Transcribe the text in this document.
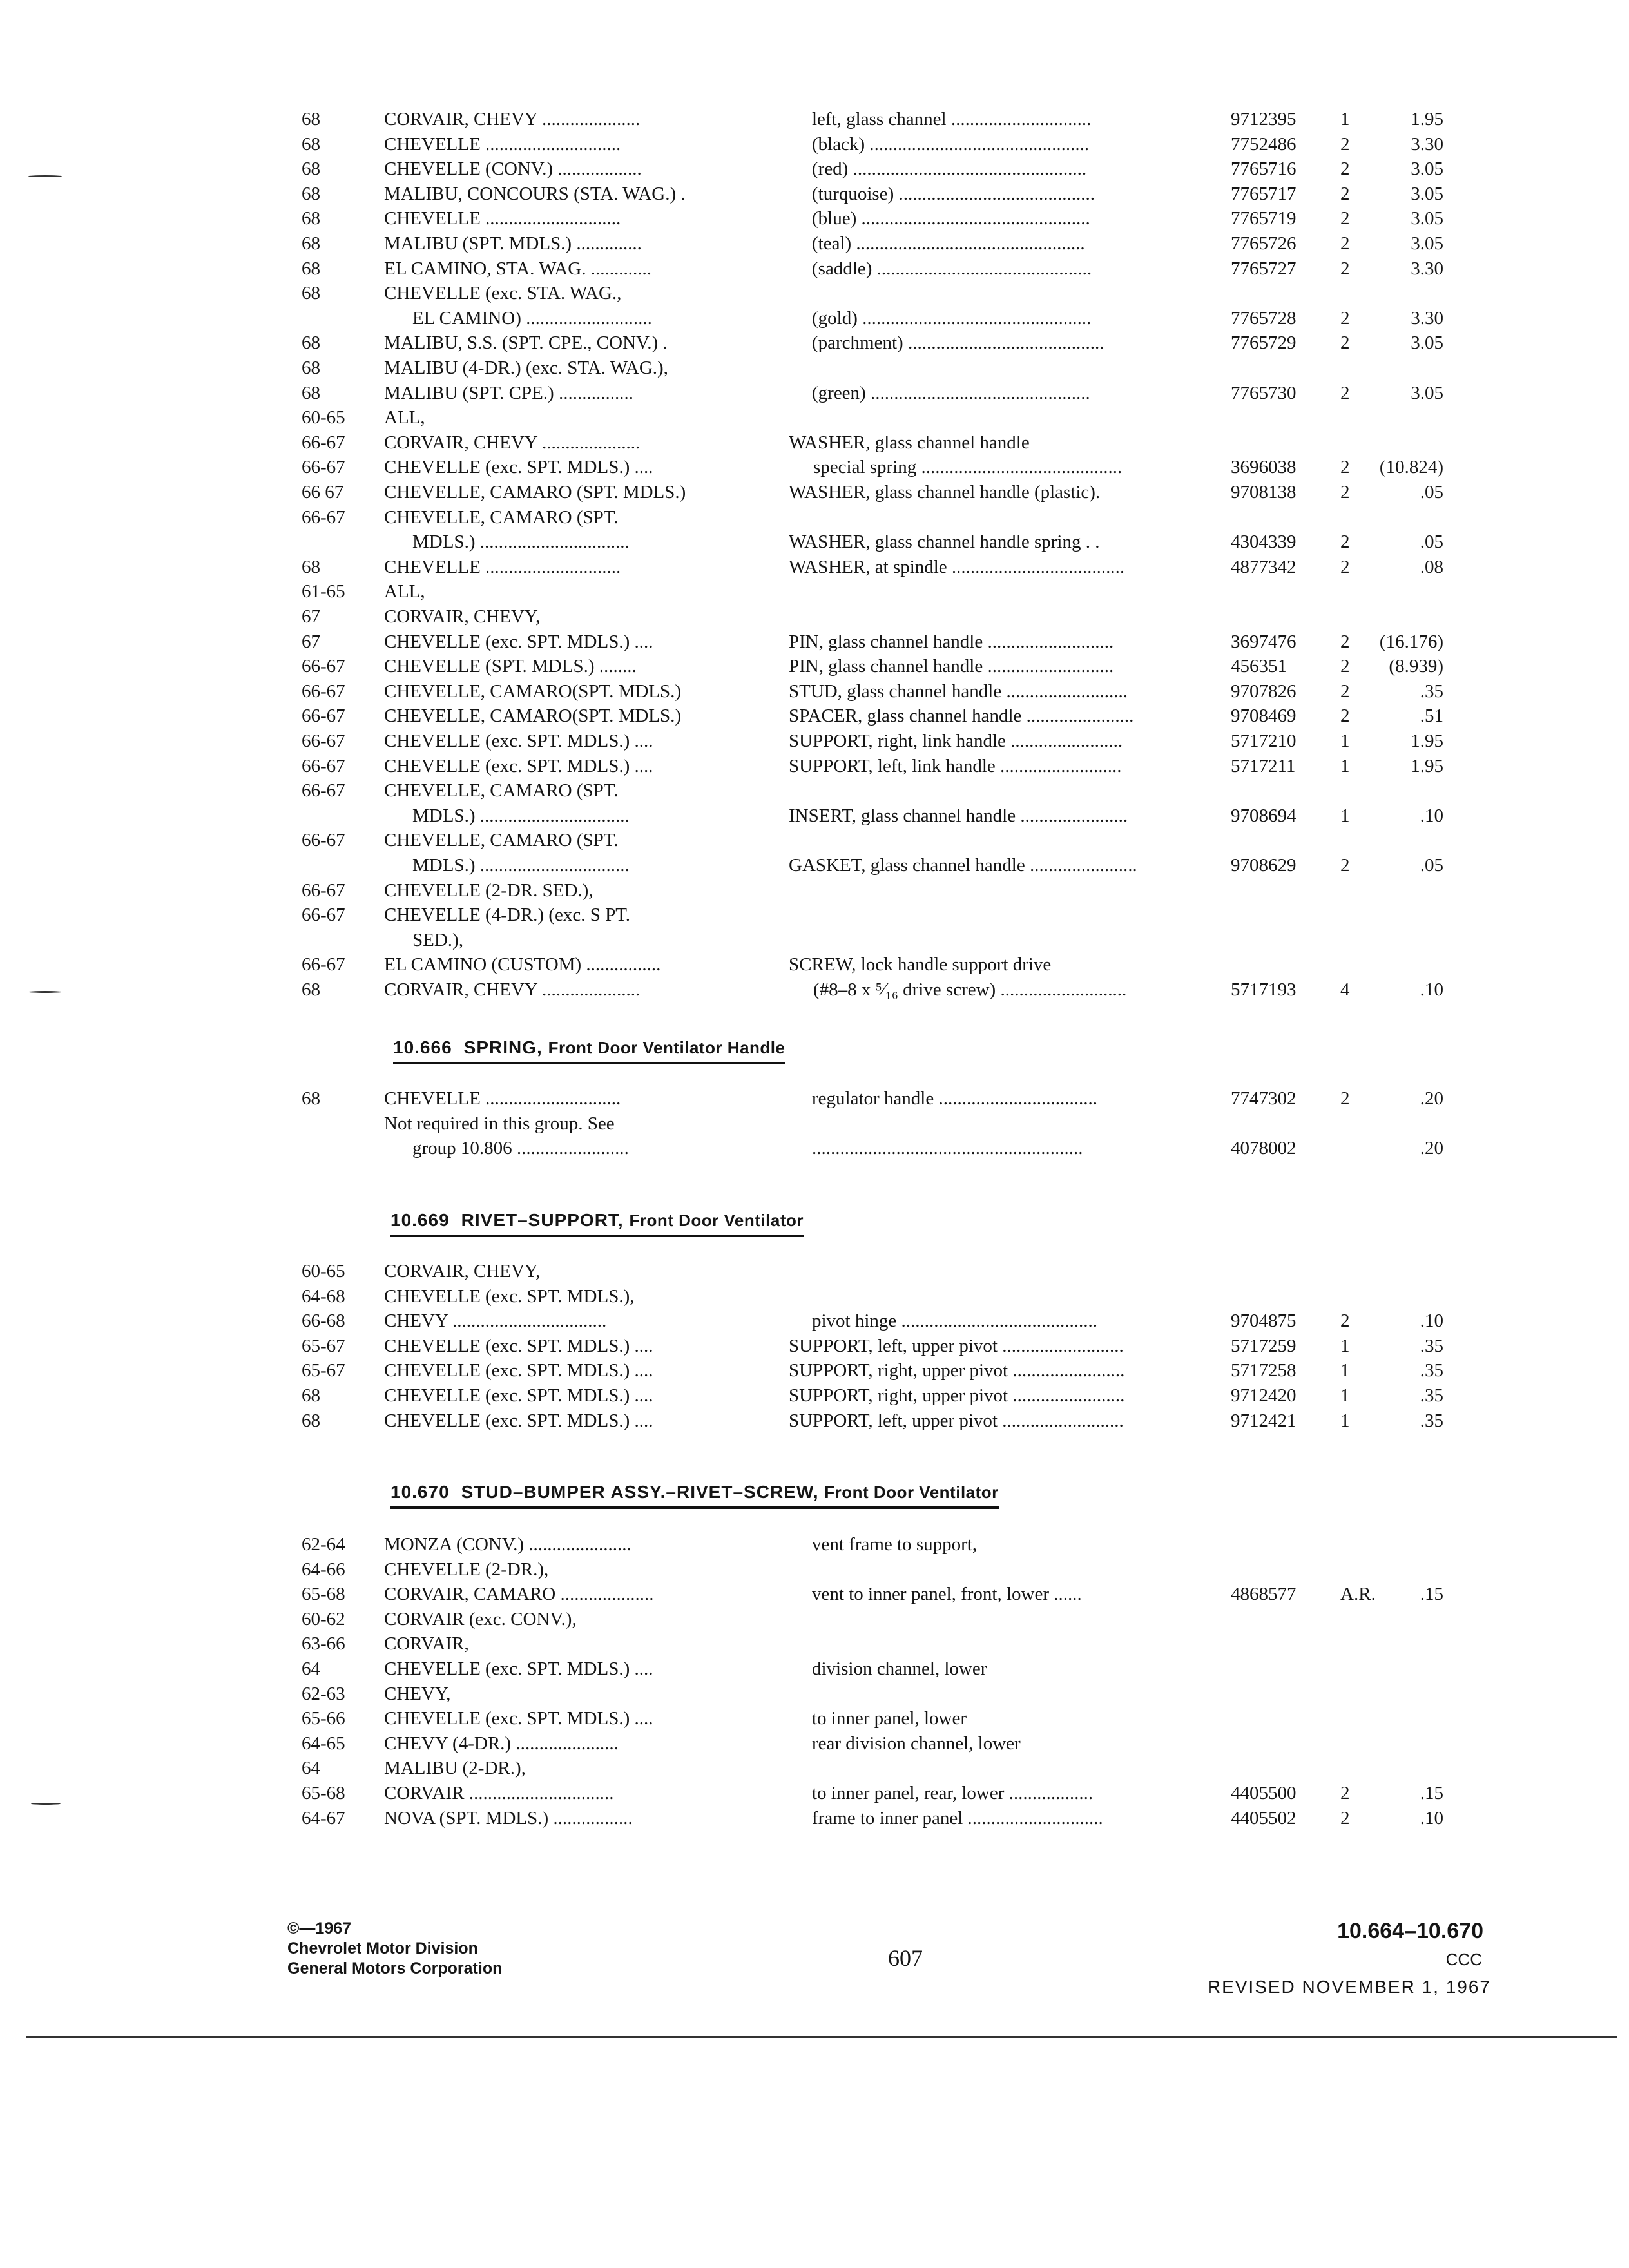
68	CORVAIR, CHEVY .....................	left, glass channel ..............................	9712395 1	1.95
68	CHEVELLE .............................	(black) ...............................................	7752486 2	3.30
68	CHEVELLE (CONV.) ..................	(red) ..................................................	7765716 2	3.05
68	MALIBU, CONCOURS (STA. WAG.) .	(turquoise) ..........................................	7765717 2	3.05
68	CHEVELLE .............................	(blue) .................................................	7765719 2	3.05
68	MALIBU (SPT. MDLS.) ..............	(teal) .................................................	7765726 2	3.05
68	EL CAMINO, STA. WAG. .............	(saddle) ..............................................	7765727 2	3.30
68	CHEVELLE (exc. STA. WAG.,
EL CAMINO) ...........................	(gold) .................................................	7765728 2	3.30
68	MALIBU, S.S. (SPT. CPE., CONV.) .	(parchment) ..........................................	7765729 2	3.05
68	MALIBU (4-DR.) (exc. STA. WAG.),
68	MALIBU (SPT. CPE.) ................	(green) ...............................................	7765730 2	3.05
60-65 ALL,
66-67 CORVAIR, CHEVY .....................	WASHER, glass channel handle
66-67 CHEVELLE (exc. SPT. MDLS.) ....	special spring ...........................................	3696038 2 (10.824)
66 67 CHEVELLE, CAMARO (SPT. MDLS.)	WASHER, glass channel handle (plastic).	9708138 2	.05
66-67 CHEVELLE, CAMARO (SPT.
MDLS.) ................................	WASHER, glass channel handle spring . .	4304339 2	.05
68	CHEVELLE .............................	WASHER, at spindle .....................................	4877342 2	.08
61-65 ALL,
67	CORVAIR, CHEVY,
67	CHEVELLE (exc. SPT. MDLS.) ....	PIN, glass channel handle ...........................	3697476 2 (16.176)
66-67 CHEVELLE (SPT. MDLS.) ........	PIN, glass channel handle ...........................	456351	2 (8.939)
66-67 CHEVELLE, CAMARO(SPT. MDLS.)	STUD, glass channel handle ..........................	9707826 2	.35
66-67 CHEVELLE, CAMARO(SPT. MDLS.)	SPACER, glass channel handle .......................	9708469 2	.51
66-67 CHEVELLE (exc. SPT. MDLS.) ....	SUPPORT, right, link handle ........................	5717210 1	1.95
66-67 CHEVELLE (exc. SPT. MDLS.) ....	SUPPORT, left, link handle ..........................	5717211 1	1.95
66-67 CHEVELLE, CAMARO (SPT.
MDLS.) ................................	INSERT, glass channel handle .......................	9708694 1	.10
66-67 CHEVELLE, CAMARO (SPT.
MDLS.) ................................	GASKET, glass channel handle .......................	9708629 2	.05
66-67 CHEVELLE (2-DR. SED.),
66-67 CHEVELLE (4-DR.) (exc. S PT.
SED.),
66-67 EL CAMINO (CUSTOM) ................	SCREW, lock handle support drive
68	CORVAIR, CHEVY .....................	(#8–8 x ⁵⁄₁₆ drive screw) ...........................	5717193 4	.10
10.666 SPRING, Front Door Ventilator Handle
68	CHEVELLE .............................	regulator handle ..................................	7747302 2	.20
Not required in this group. See
group 10.806 ........................	..........................................................	4078002	.20
10.669 RIVET–SUPPORT, Front Door Ventilator
60-65 CORVAIR, CHEVY,
64-68 CHEVELLE (exc. SPT. MDLS.),
66-68 CHEVY .................................	pivot hinge ..........................................	9704875 2	.10
65-67 CHEVELLE (exc. SPT. MDLS.) ....	SUPPORT, left, upper pivot ..........................	5717259 1	.35
65-67 CHEVELLE (exc. SPT. MDLS.) ....	SUPPORT, right, upper pivot ........................	5717258 1	.35
68	CHEVELLE (exc. SPT. MDLS.) ....	SUPPORT, right, upper pivot ........................	9712420 1	.35
68	CHEVELLE (exc. SPT. MDLS.) ....	SUPPORT, left, upper pivot ..........................	9712421 1	.35
10.670 STUD–BUMPER ASSY.–RIVET–SCREW, Front Door Ventilator
62-64 MONZA (CONV.) ......................	vent frame to support,
64-66 CHEVELLE (2-DR.),
65-68 CORVAIR, CAMARO ....................	vent to inner panel, front, lower ......	4868577 A.R. .15
60-62 CORVAIR (exc. CONV.),
63-66 CORVAIR,
64	CHEVELLE (exc. SPT. MDLS.) ....	division channel, lower
62-63 CHEVY,
65-66 CHEVELLE (exc. SPT. MDLS.) ....	to inner panel, lower
64-65 CHEVY (4-DR.) ......................	rear division channel, lower
64	MALIBU (2-DR.),
65-68 CORVAIR ...............................	to inner panel, rear, lower ..................	4405500 2	.15
64-67 NOVA (SPT. MDLS.) .................	frame to inner panel .............................	4405502 2	.10
©—1967
Chevrolet Motor Division
General Motors Corporation	607
10.664–10.670
CCC
REVISED NOVEMBER 1, 1967
